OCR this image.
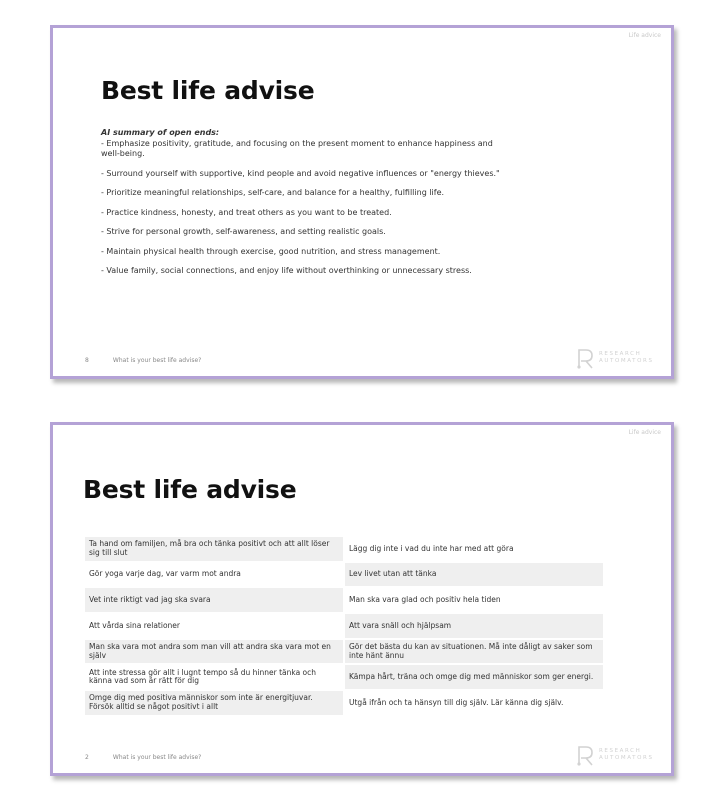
Life advice
Best life advise
AI summary of open ends:
- Emphasize positivity, gratitude, and focusing on the present moment to enhance happiness and well-being.
- Surround yourself with supportive, kind people and avoid negative influences or "energy thieves."
- Prioritize meaningful relationships, self-care, and balance for a healthy, fulfilling life.
- Practice kindness, honesty, and treat others as you want to be treated.
- Strive for personal growth, self-awareness, and setting realistic goals.
- Maintain physical health through exercise, good nutrition, and stress management.
- Value family, social connections, and enjoy life without overthinking or unnecessary stress.
8	What is your best life advise?
RESEARCH
AUTOMATORS
Life advice
Best life advise
Ta hand om familjen, må bra och tänka positivt och att allt löser sig till slut	Lägg dig inte i vad du inte har med att göra
Gör yoga varje dag, var varm mot andra	Lev livet utan att tänka
Vet inte riktigt vad jag ska svara	Man ska vara glad och positiv hela tiden
Att vårda sina relationer	Att vara snäll och hjälpsam
Man ska vara mot andra som man vill att andra ska vara mot en själv	Gör det bästa du kan av situationen. Må inte dåligt av saker som inte hänt ännu
Att inte stressa gör allt i lugnt tempo så du hinner tänka och känna vad som är rätt för dig	Kämpa hårt, träna och omge dig med människor som ger energi.
Omge dig med positiva människor som inte är energitjuvar. Försök alltid se något positivt i allt	Utgå ifrån och ta hänsyn till dig själv. Lär känna dig själv.
2	What is your best life advise?
RESEARCH
AUTOMATORS
